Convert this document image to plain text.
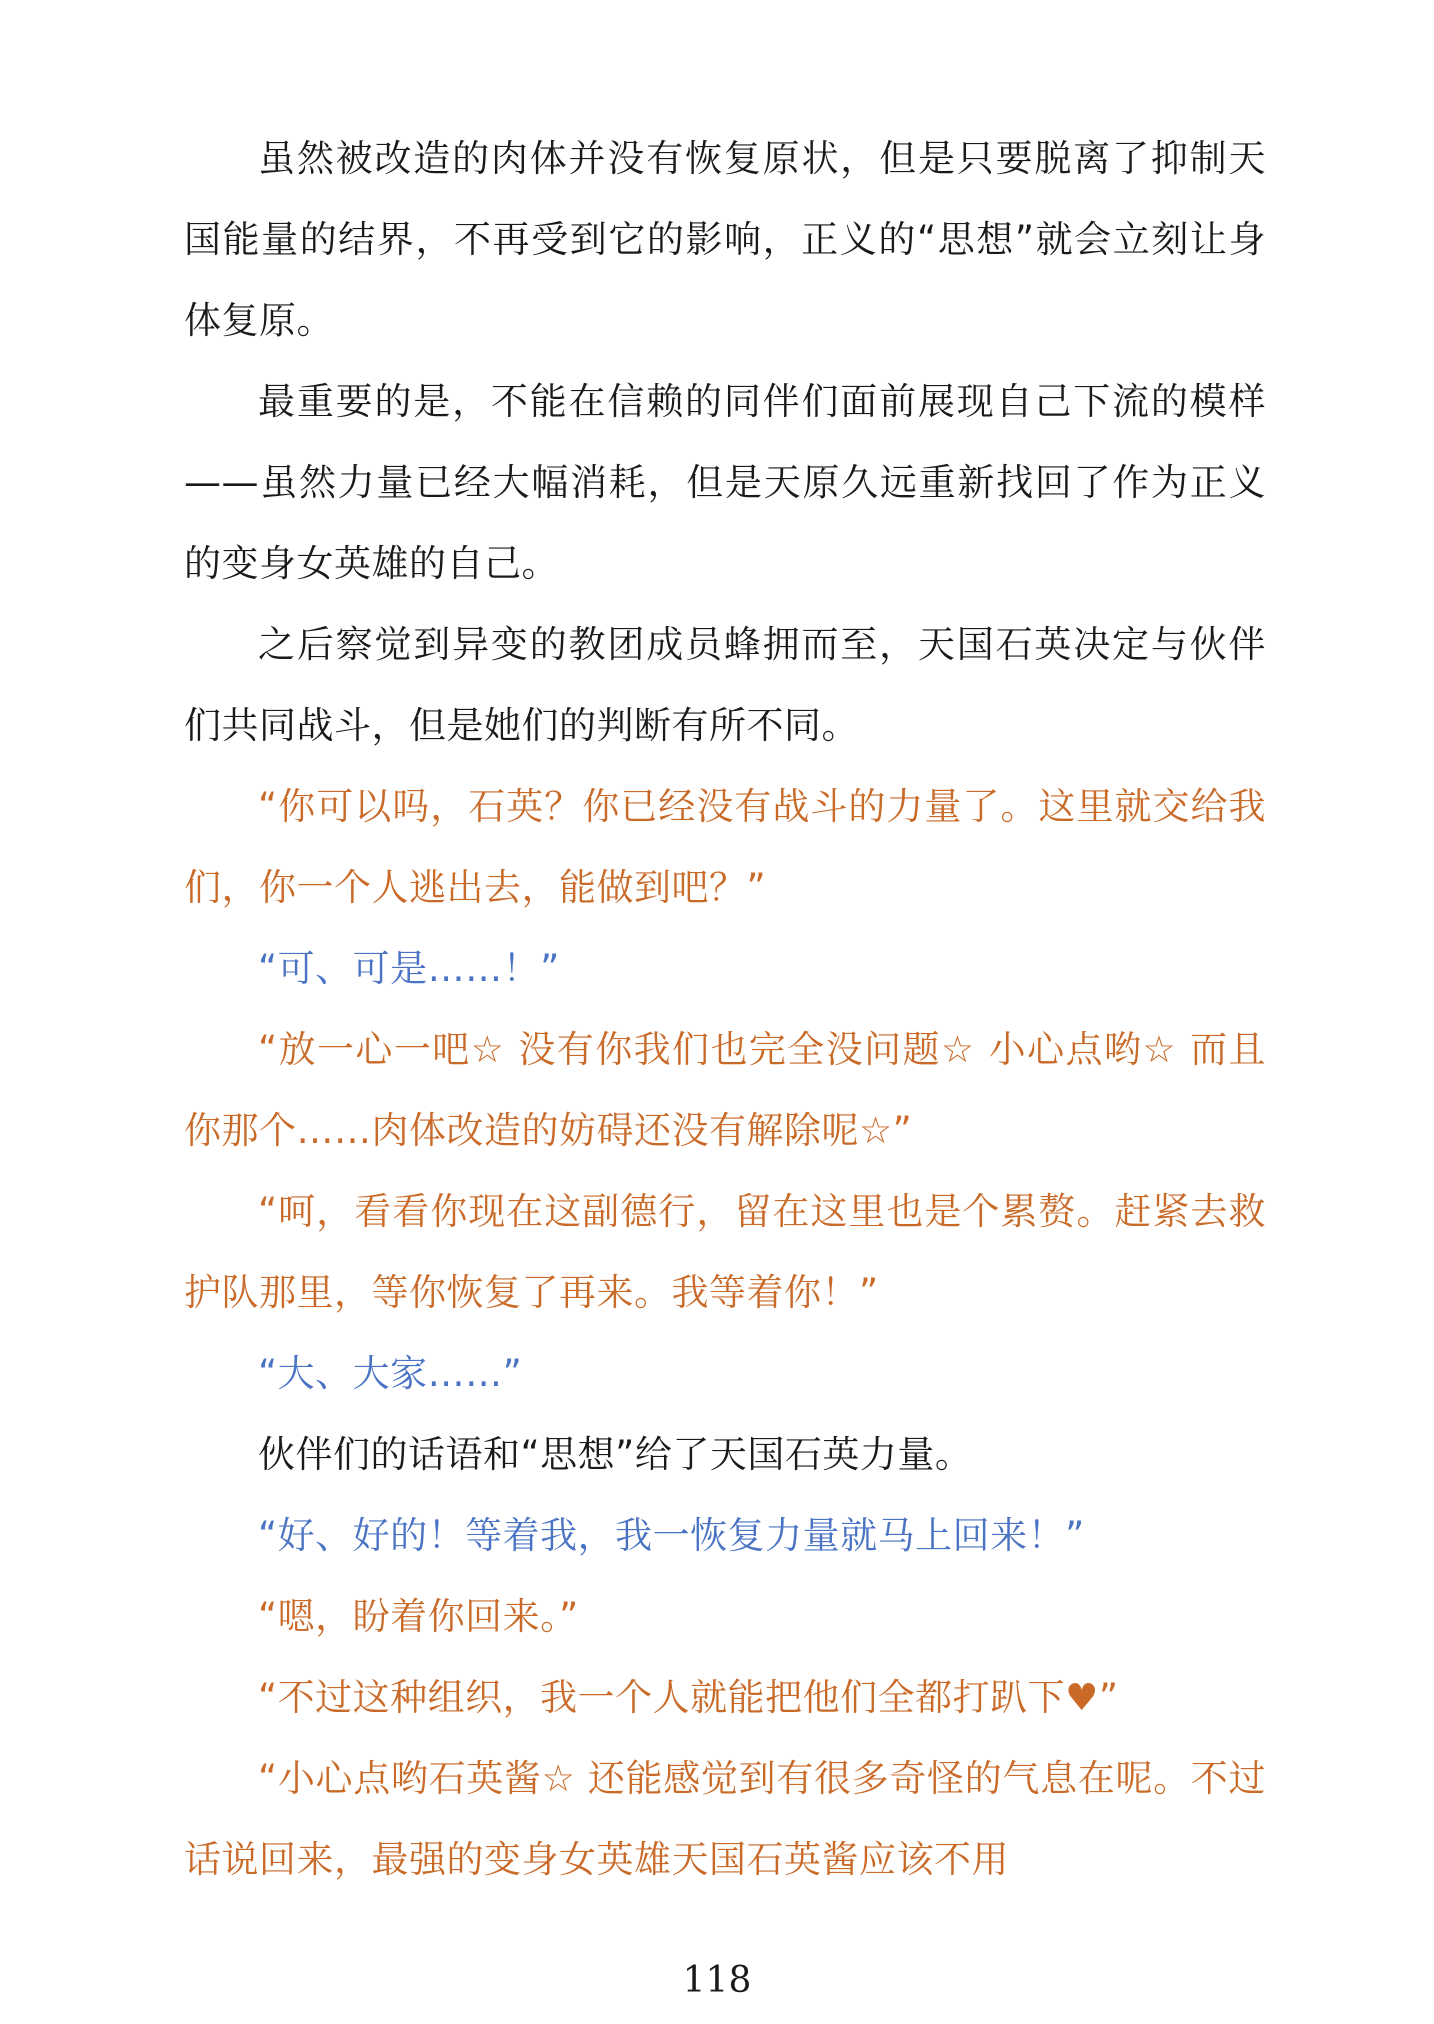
虽然被改造的肉体并没有恢复原状，但是只要脱离了抑制天国能量的结界，不再受到它的影响，正义的“思想”就会立刻让身体复原。

最重要的是，不能在信赖的同伴们面前展现自己下流的模样——虽然力量已经大幅消耗，但是天原久远重新找回了作为正义的变身女英雄的自己。

之后察觉到异变的教团成员蜂拥而至，天国石英决定与伙伴们共同战斗，但是她们的判断有所不同。

“你可以吗，石英？你已经没有战斗的力量了。这里就交给我们，你一个人逃出去，能做到吧？”

“可、可是……！”

“放一心一吧☆ 没有你我们也完全没问题☆ 小心点哟☆ 而且你那个……肉体改造的妨碍还没有解除呢☆”

“呵，看看你现在这副德行，留在这里也是个累赘。赶紧去救护队那里，等你恢复了再来。我等着你！”

“大、大家……”

伙伴们的话语和“思想”给了天国石英力量。

“好、好的！等着我，我一恢复力量就马上回来！”

“嗯，盼着你回来。”

“不过这种组织，我一个人就能把他们全都打趴下♥”

“小心点哟石英酱☆ 还能感觉到有很多奇怪的气息在呢。不过话说回来，最强的变身女英雄天国石英酱应该不用

118
